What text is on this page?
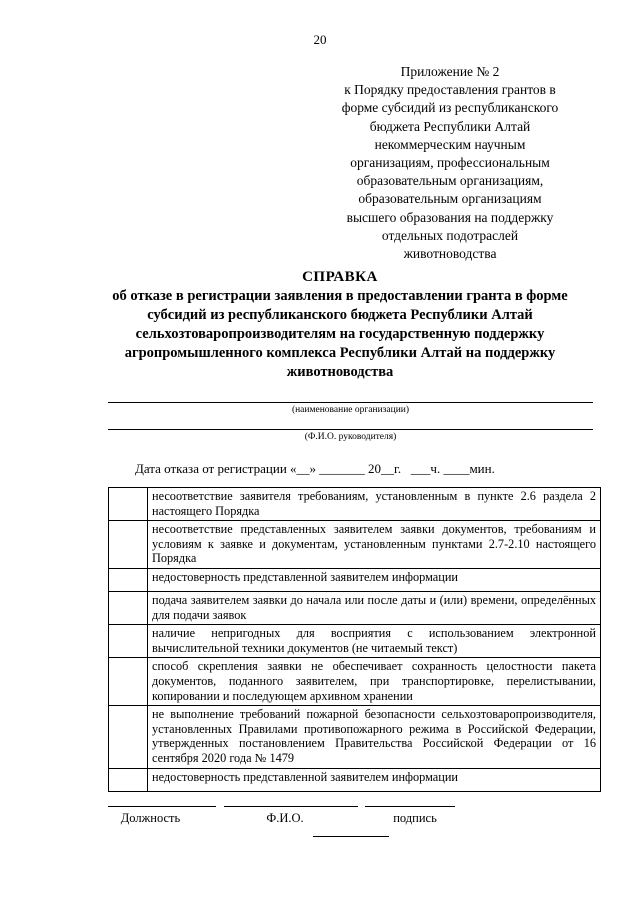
20
Приложение № 2
к Порядку предоставления грантов в
форме субсидий из республиканского
бюджета Республики Алтай
некоммерческим научным
организациям, профессиональным
образовательным организациям,
образовательным организациям
высшего образования на поддержку
отдельных подотраслей
животноводства
СПРАВКА
об отказе в регистрации заявления в предоставлении гранта в форме
субсидий из республиканского бюджета Республики Алтай
сельхозтоваропроизводителям на государственную поддержку
агропромышленного комплекса Республики Алтай на поддержку
животноводства
(наименование организации)
(Ф.И.О. руководителя)
Дата отказа от регистрации «__» _______ 20__г.   ___ч. ____мин.
	несоответствие заявителя требованиям, установленным в пункте 2.6 раздела 2 настоящего Порядка
	несоответствие представленных заявителем заявки документов, требованиям и условиям к заявке и документам, установленным пунктами 2.7-2.10 настоящего Порядка
	недостоверность представленной заявителем информации
	подача заявителем заявки до начала или после даты и (или) времени, определённых для подачи заявок
	наличие непригодных для восприятия с использованием электронной вычислительной техники документов (не читаемый текст)
	способ скрепления заявки не обеспечивает сохранность целостности пакета документов, поданного заявителем, при транспортировке, перелистывании, копировании и последующем архивном хранении
	не выполнение требований пожарной безопасности сельхозтоваропроизводителя, установленных Правилами противопожарного режима в Российской Федерации, утвержденных постановлением Правительства Российской Федерации от 16 сентября 2020 года № 1479
	недостоверность представленной заявителем информации
Должность	Ф.И.О.	подпись
